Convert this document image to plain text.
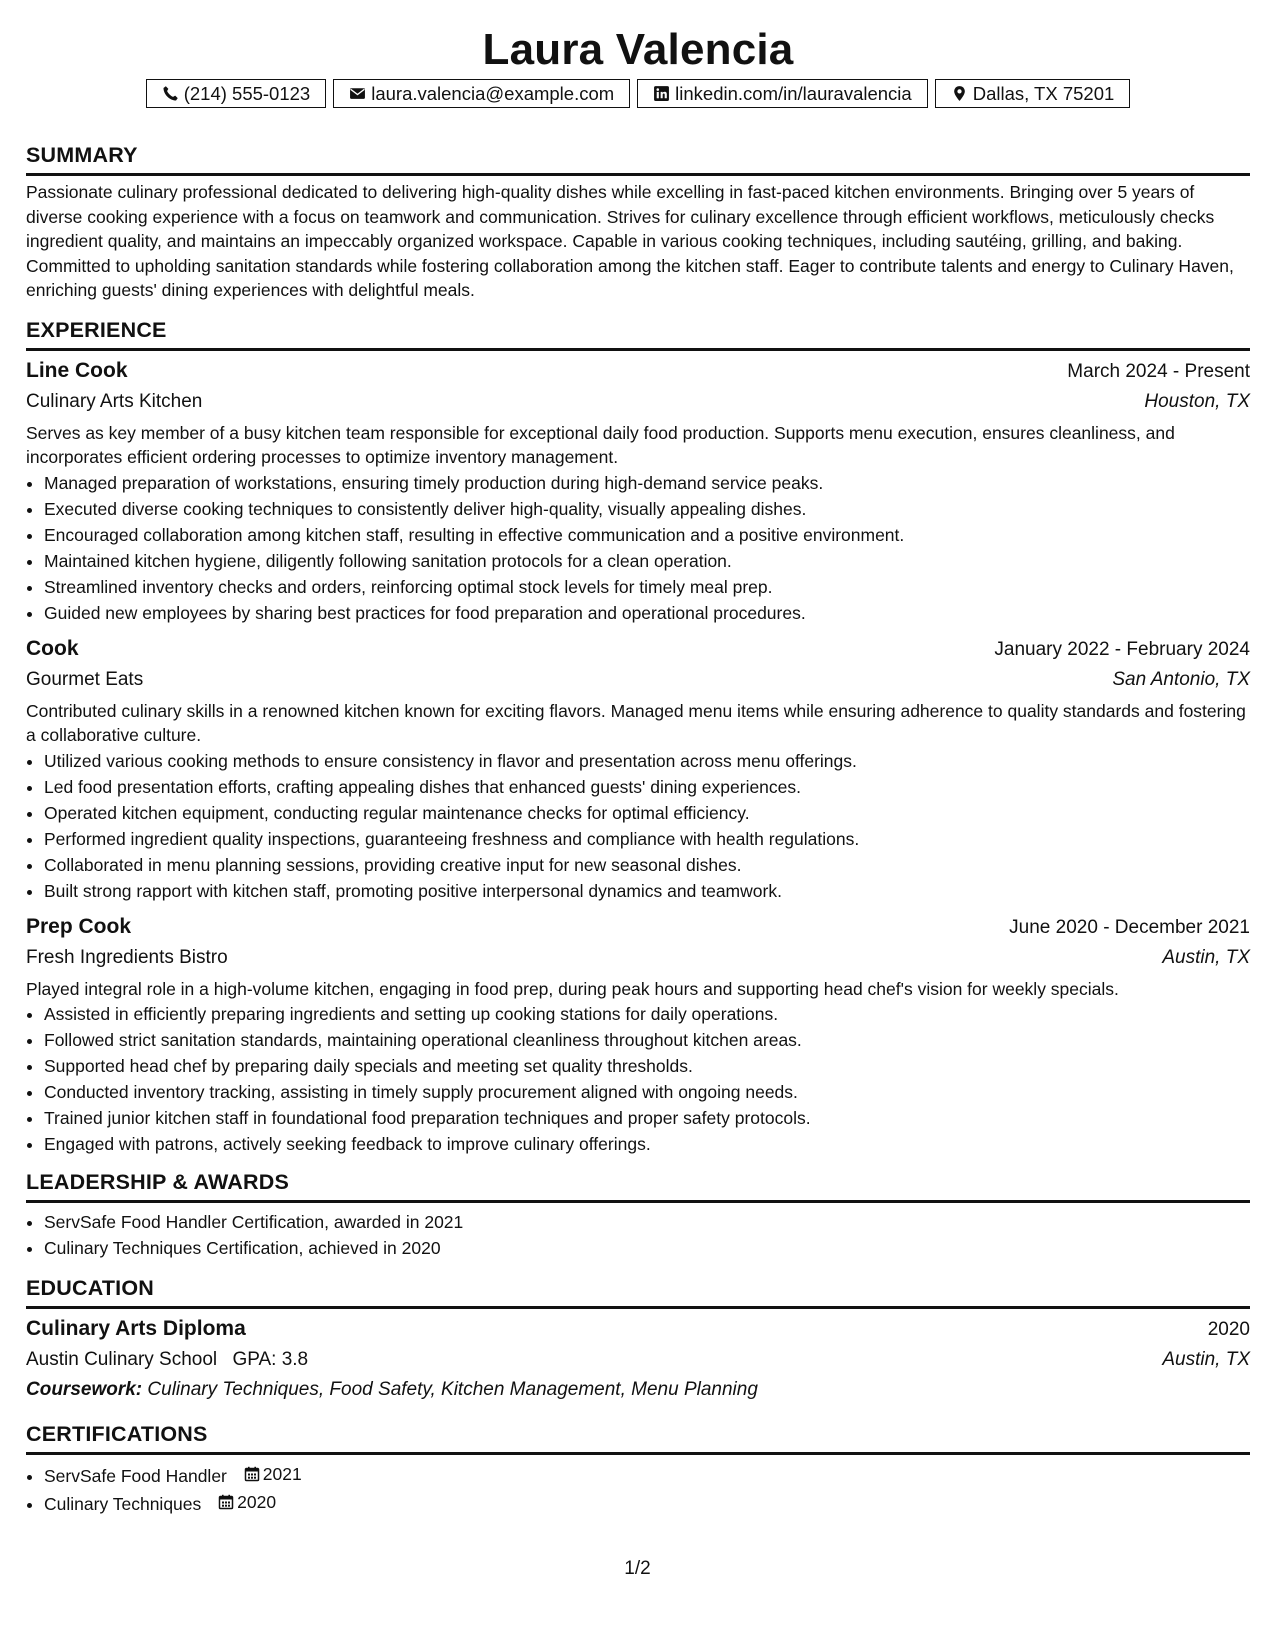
Laura Valencia
(214) 555-0123	laura.valencia@example.com	linkedin.com/in/lauravalencia	Dallas, TX 75201
SUMMARY
Passionate culinary professional dedicated to delivering high-quality dishes while excelling in fast-paced kitchen environments. Bringing over 5 years of diverse cooking experience with a focus on teamwork and communication. Strives for culinary excellence through efficient workflows, meticulously checks ingredient quality, and maintains an impeccably organized workspace. Capable in various cooking techniques, including sautéing, grilling, and baking. Committed to upholding sanitation standards while fostering collaboration among the kitchen staff. Eager to contribute talents and energy to Culinary Haven, enriching guests' dining experiences with delightful meals.
EXPERIENCE
Line Cook	March 2024 - Present
Culinary Arts Kitchen	Houston, TX
Serves as key member of a busy kitchen team responsible for exceptional daily food production. Supports menu execution, ensures cleanliness, and incorporates efficient ordering processes to optimize inventory management.
• Managed preparation of workstations, ensuring timely production during high-demand service peaks.
• Executed diverse cooking techniques to consistently deliver high-quality, visually appealing dishes.
• Encouraged collaboration among kitchen staff, resulting in effective communication and a positive environment.
• Maintained kitchen hygiene, diligently following sanitation protocols for a clean operation.
• Streamlined inventory checks and orders, reinforcing optimal stock levels for timely meal prep.
• Guided new employees by sharing best practices for food preparation and operational procedures.
Cook	January 2022 - February 2024
Gourmet Eats	San Antonio, TX
Contributed culinary skills in a renowned kitchen known for exciting flavors. Managed menu items while ensuring adherence to quality standards and fostering a collaborative culture.
• Utilized various cooking methods to ensure consistency in flavor and presentation across menu offerings.
• Led food presentation efforts, crafting appealing dishes that enhanced guests' dining experiences.
• Operated kitchen equipment, conducting regular maintenance checks for optimal efficiency.
• Performed ingredient quality inspections, guaranteeing freshness and compliance with health regulations.
• Collaborated in menu planning sessions, providing creative input for new seasonal dishes.
• Built strong rapport with kitchen staff, promoting positive interpersonal dynamics and teamwork.
Prep Cook	June 2020 - December 2021
Fresh Ingredients Bistro	Austin, TX
Played integral role in a high-volume kitchen, engaging in food prep, during peak hours and supporting head chef's vision for weekly specials.
• Assisted in efficiently preparing ingredients and setting up cooking stations for daily operations.
• Followed strict sanitation standards, maintaining operational cleanliness throughout kitchen areas.
• Supported head chef by preparing daily specials and meeting set quality thresholds.
• Conducted inventory tracking, assisting in timely supply procurement aligned with ongoing needs.
• Trained junior kitchen staff in foundational food preparation techniques and proper safety protocols.
• Engaged with patrons, actively seeking feedback to improve culinary offerings.
LEADERSHIP & AWARDS
• ServSafe Food Handler Certification, awarded in 2021
• Culinary Techniques Certification, achieved in 2020
EDUCATION
Culinary Arts Diploma	2020
Austin Culinary School GPA: 3.8	Austin, TX
Coursework: Culinary Techniques, Food Safety, Kitchen Management, Menu Planning
CERTIFICATIONS
• ServSafe Food Handler 2021
• Culinary Techniques 2020
1/2
